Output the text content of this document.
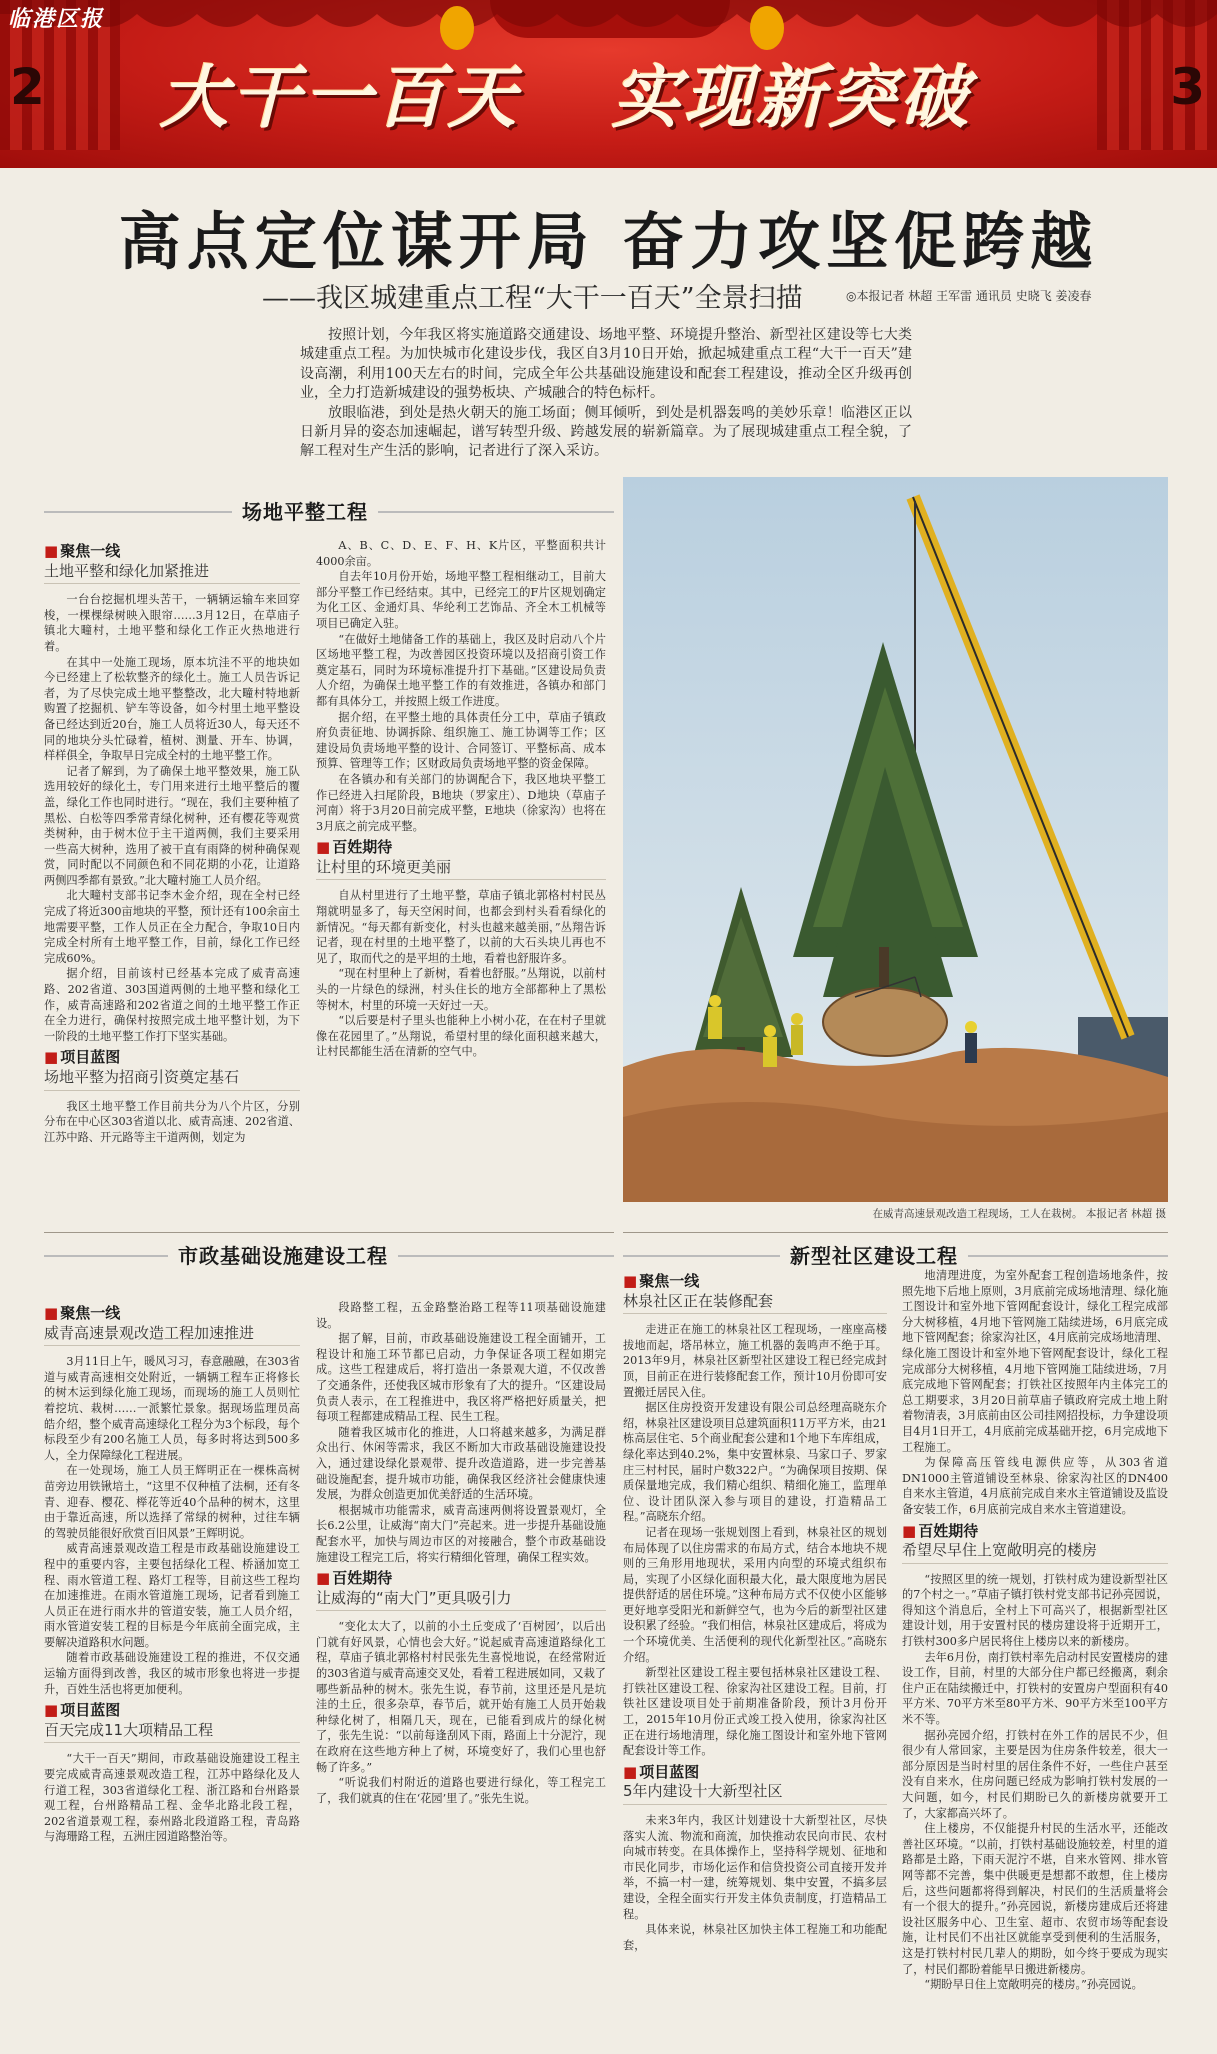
临港区报
2	3
大干一百天 实现新突破
高点定位谋开局 奋力攻坚促跨越
——我区城建重点工程“大干一百天”全景扫描	◎本报记者 林超 王军雷 通讯员 史晓飞 姜凌春

按照计划，今年我区将实施道路交通建设、场地平整、环境提升整治、新型社区建设等七大类城建重点工程。为加快城市化建设步伐，我区自3月10日开始，掀起城建重点工程“大干一百天”建设高潮，利用100天左右的时间，完成全年公共基础设施建设和配套工程建设，推动全区升级再创业，全力打造新城建设的强势板块、产城融合的特色标杆。

放眼临港，到处是热火朝天的施工场面；侧耳倾听，到处是机器轰鸣的美妙乐章！临港区正以日新月异的姿态加速崛起，谱写转型升级、跨越发展的崭新篇章。为了展现城建重点工程全貌，了解工程对生产生活的影响，记者进行了深入采访。

场地平整工程
■ 聚焦一线
土地平整和绿化加紧推进

一台台挖掘机埋头苦干，一辆辆运输车来回穿梭，一棵棵绿树映入眼帘……3月12日，在草庙子镇北大疃村，土地平整和绿化工作正火热地进行着。

在其中一处施工现场，原本坑洼不平的地块如今已经建上了松软整齐的绿化土。施工人员告诉记者，为了尽快完成土地平整整改，北大疃村特地新购置了挖掘机、铲车等设备，如今村里土地平整设备已经达到近20台，施工人员将近30人，每天还不同的地块分头忙碌着，植树、测量、开车、协调，样样俱全，争取早日完成全村的土地平整工作。

记者了解到，为了确保土地平整效果，施工队选用较好的绿化土，专门用来进行土地平整后的覆盖，绿化工作也同时进行。“现在，我们主要种植了黑松、白松等四季常青绿化树种，还有樱花等观赏类树种，由于树木位于主干道两侧，我们主要采用一些高大树种，选用了被干直有雨降的树种确保观赏，同时配以不同颜色和不同花期的小花，让道路两侧四季都有景致。”北大疃村施工人员介绍。

北大疃村支部书记李木金介绍，现在全村已经完成了将近300亩地块的平整，预计还有100余亩土地需要平整，工作人员正在全力配合，争取10日内完成全村所有土地平整工作，目前，绿化工作已经完成60%。

据介绍，目前该村已经基本完成了威青高速路、202省道、303国道两侧的土地平整和绿化工作，威青高速路和202省道之间的土地平整工作正在全力进行，确保村按照完成土地平整计划，为下一阶段的土地平整工作打下坚实基础。

■ 项目蓝图
场地平整为招商引资奠定基石

我区土地平整工作目前共分为八个片区，分别分布在中心区303省道以北、威青高速、202省道、江苏中路、开元路等主干道两侧，划定为

A、B、C、D、E、F、H、K片区，平整面积共计4000余亩。

自去年10月份开始，场地平整工程相继动工，目前大部分平整工作已经结束。其中，已经完工的F片区规划确定为化工区、金通灯具、华纶利工艺饰品、齐全木工机械等项目已确定入驻。

“在做好土地储备工作的基础上，我区及时启动八个片区场地平整工程，为改善园区投资环境以及招商引资工作奠定基石，同时为环境标准提升打下基础。”区建设局负责人介绍，为确保土地平整工作的有效推进，各镇办和部门都有具体分工，并按照上级工作进度。

据介绍，在平整土地的具体责任分工中，草庙子镇政府负责征地、协调拆除、组织施工、施工协调等工作；区建设局负责场地平整的设计、合同签订、平整标高、成本预算、管理等工作；区财政局负责场地平整的资金保障。

在各镇办和有关部门的协调配合下，我区地块平整工作已经进入扫尾阶段，B地块（罗家庄）、D地块（草庙子河南）将于3月20日前完成平整，E地块（徐家沟）也将在3月底之前完成平整。

■ 百姓期待
让村里的环境更美丽

自从村里进行了土地平整，草庙子镇北郭格村村民丛翔就明显多了，每天空闲时间，也都会到村头看看绿化的新情况。“每天都有新变化，村头也越来越美丽，”丛翔告诉记者，现在村里的土地平整了，以前的大石头块儿再也不见了，取而代之的是平坦的土地，看着也舒服许多。

“现在村里种上了新树，看着也舒服。”丛翔说，以前村头的一片绿色的绿洲，村头住长的地方全部都种上了黑松等树木，村里的环境一天好过一天。

“以后要是村子里头也能种上小树小花，在在村子里就像在花园里了。”丛翔说，希望村里的绿化面积越来越大，让村民都能生活在清新的空气中。

在威青高速景观改造工程现场，工人在栽树。 本报记者 林超 摄
市政基础设施建设工程
■ 聚焦一线
威青高速景观改造工程加速推进

3月11日上午，暖风习习，春意融融，在303省道与威青高速相交处附近，一辆辆工程车正将修长的树木运到绿化施工现场，而现场的施工人员则忙着挖坑、栽树……一派繁忙景象。据现场监理员高皓介绍，整个威青高速绿化工程分为3个标段，每个标段至少有200名施工人员，每多时将达到500多人，全力保障绿化工程进展。

在一处现场，施工人员王辉明正在一棵株高树苗旁边用铁锹培土，“这里不仅种植了法桐，还有冬青、迎春、樱花、榉花等近40个品种的树木，这里由于靠近高速，所以选择了常绿的树种，过往车辆的驾驶员能很好欣赏百旧风景”王辉明说。

威青高速景观改造工程是市政基础设施建设工程中的重要内容，主要包括绿化工程、桥涵加宽工程、雨水管道工程、路灯工程等，目前这些工程均在加速推进。在雨水管道施工现场，记者看到施工人员正在进行雨水井的管道安装，施工人员介绍，雨水管道安装工程的目标是今年底前全面完成，主要解决道路积水问题。

随着市政基础设施建设工程的推进，不仅交通运输方面得到改善，我区的城市形象也将进一步提升，百姓生活也将更加便利。

■ 项目蓝图
百天完成11大项精品工程

“大干一百天”期间，市政基础设施建设工程主要完成威青高速景观改造工程，江苏中路绿化及人行道工程，303省道绿化工程、浙江路和台州路景观工程，台州路精品工程、金华北路北段工程，202省道景观工程，泰州路北段道路工程，青岛路与海珊路工程，五洲庄园道路整治等。

段路整工程，五金路整治路工程等11项基础设施建设。

据了解，目前，市政基础设施建设工程全面铺开，工程设计和施工环节都已启动，力争保证各项工程如期完成。这些工程建成后，将打造出一条景观大道，不仅改善了交通条件，还使我区城市形象有了大的提升。“区建设局负责人表示，在工程推进中，我区将严格把好质量关，把每项工程都建成精品工程、民生工程。

随着我区城市化的推进，人口将越来越多，为满足群众出行、休闲等需求，我区不断加大市政基础设施建设投入，通过建设绿化景观带、提升改造道路，进一步完善基础设施配套，提升城市功能，确保我区经济社会健康快速发展，为群众创造更加优美舒适的生活环境。

根据城市功能需求，威青高速两侧将设置景观灯，全长6.2公里，让威海“南大门”亮起来。进一步提升基础设施配套水平，加快与周边市区的对接融合，整个市政基础设施建设工程完工后，将实行精细化管理，确保工程实效。

■ 百姓期待
让威海的“南大门”更具吸引力

“变化太大了，以前的小土丘变成了‘百树园’，以后出门就有好风景，心情也会大好。”说起威青高速道路绿化工程，草庙子镇北郭格村村民张先生喜悦地说，在经常附近的303省道与威青高速交叉处，看着工程进展如同，又栽了哪些新品种的树木。张先生说，春节前，这里还是凡是坑洼的土丘，很多杂草，春节后，就开始有施工人员开始栽种绿化树了，相隔几天，现在，已能看到成片的绿化树了，张先生说：“以前每逢刮风下雨，路面上十分泥泞，现在政府在这些地方种上了树，环境变好了，我们心里也舒畅了许多。”

“听说我们村附近的道路也要进行绿化，等工程完工了，我们就真的住在‘花园’里了。”张先生说。

新型社区建设工程
■ 聚焦一线
林泉社区正在装修配套

走进正在施工的林泉社区工程现场，一座座高楼拔地而起，塔吊林立，施工机器的轰鸣声不绝于耳。2013年9月，林泉社区新型社区建设工程已经完成封顶，目前正在进行装修配套工作，预计10月份即可安置搬迁居民入住。

据区住房投资开发建设有限公司总经理高晓东介绍，林泉社区建设项目总建筑面积11万平方米，由21栋高层住宅、5个商业配套公建和1个地下车库组成，绿化率达到40.2%，集中安置林泉、马家口子、罗家庄三村村民，届时户数322户。“为确保项目按期、保质保量地完成，我们精心组织、精细化施工，监理单位、设计团队深入参与项目的建设，打造精品工程。”高晓东介绍。

记者在现场一张规划图上看到，林泉社区的规划布局体现了以住房需求的布局方式，结合本地块不规则的三角形用地现状，采用内向型的环境式组织布局，实现了小区绿化面积最大化，最大限度地为居民提供舒适的居住环境。”这种布局方式不仅使小区能够更好地享受阳光和新鲜空气，也为今后的新型社区建设积累了经验。“我们相信，林泉社区建成后，将成为一个环境优美、生活便利的现代化新型社区。”高晓东介绍。

新型社区建设工程主要包括林泉社区建设工程、打铁社区建设工程、徐家沟社区建设工程。目前，打铁社区建设项目处于前期准备阶段，预计3月份开工，2015年10月份正式竣工投入使用，徐家沟社区正在进行场地清理，绿化施工图设计和室外地下管网配套设计等工作。

■ 项目蓝图
5年内建设十大新型社区

未来3年内，我区计划建设十大新型社区，尽快落实人流、物流和商流，加快推动农民向市民、农村向城市转变。在具体操作上，坚持科学规划、征地和市民化同步，市场化运作和信贷投资公司直接开发并举，不搞一村一建，统筹规划、集中安置，不搞多层建设，全程全面实行开发主体负责制度，打造精品工程。

具体来说，林泉社区加快主体工程施工和功能配套，

地清理进度，为室外配套工程创造场地条件，按照先地下后地上原则，3月底前完成场地清理、绿化施工图设计和室外地下管网配套设计，绿化工程完成部分大树移植，4月地下管网施工陆续进场，6月底完成地下管网配套；徐家沟社区，4月底前完成场地清理、绿化施工图设计和室外地下管网配套设计，绿化工程完成部分大树移植，4月地下管网施工陆续进场，7月底完成地下管网配套；打铁社区按照年内主体完工的总工期要求，3月20日前草庙子镇政府完成土地上附着物清表，3月底前由区公司挂网招投标，力争建设项目4月1日开工，4月底前完成基础开挖，6月完成地下工程施工。

为保障高压管线电源供应等，从303省道DN1000主管道铺设至林泉、徐家沟社区的DN400自来水主管道，4月底前完成自来水主管道铺设及监设备安装工作，6月底前完成自来水主管道建设。

■ 百姓期待
希望尽早住上宽敞明亮的楼房

“按照区里的统一规划，打铁村成为建设新型社区的7个村之一。”草庙子镇打铁村党支部书记孙亮园说，得知这个消息后，全村上下可高兴了，根据新型社区建设计划，用于安置村民的楼房建设将于近期开工，打铁村300多户居民将住上楼房以来的新楼房。

去年6月份，南打铁村率先启动村民安置楼房的建设工作，目前，村里的大部分住户都已经搬离，剩余住户正在陆续搬迁中，打铁村的安置房户型面积有40平方米、70平方米至80平方米、90平方米至100平方米不等。

据孙亮园介绍，打铁村在外工作的居民不少，但很少有人常回家，主要是因为住房条件较差，很大一部分原因是当时村里的居住条件不好，一些住户甚至没有自来水，住房问题已经成为影响打铁村发展的一大问题，如今，村民们期盼已久的新楼房就要开工了，大家都高兴坏了。

住上楼房，不仅能提升村民的生活水平，还能改善社区环境。“以前，打铁村基础设施较差，村里的道路都是土路，下雨天泥泞不堪，自来水管网、排水管网等都不完善，集中供暖更是想都不敢想，住上楼房后，这些问题都将得到解决，村民们的生活质量将会有一个很大的提升。”孙亮园说，新楼房建成后还将建设社区服务中心、卫生室、超市、农贸市场等配套设施，让村民们不出社区就能享受到便利的生活服务，这是打铁村村民几辈人的期盼，如今终于要成为现实了，村民们都盼着能早日搬进新楼房。

“期盼早日住上宽敞明亮的楼房。”孙亮园说。
